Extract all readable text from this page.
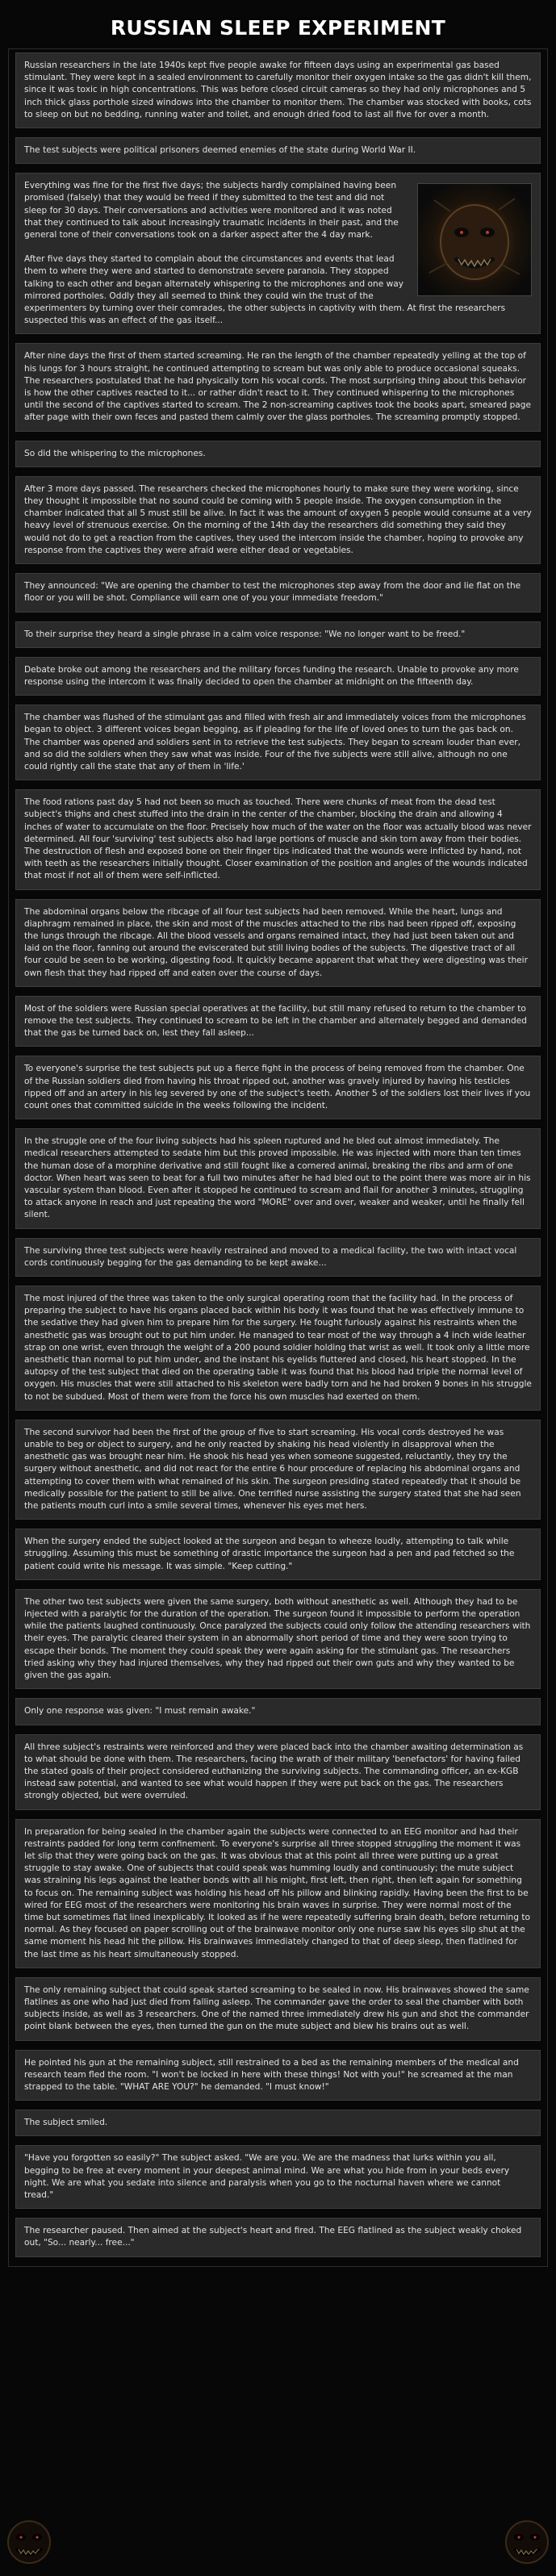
RUSSIAN SLEEP EXPERIMENT

Russian researchers in the late 1940s kept five people awake for fifteen days using an experimental gas based stimulant. They were kept in a sealed environment to carefully monitor their oxygen intake so the gas didn't kill them, since it was toxic in high concentrations. This was before closed circuit cameras so they had only microphones and 5 inch thick glass porthole sized windows into the chamber to monitor them. The chamber was stocked with books, cots to sleep on but no bedding, running water and toilet, and enough dried food to last all five for over a month.

The test subjects were political prisoners deemed enemies of the state during World War II.

Everything was fine for the first five days; the subjects hardly complained having been promised (falsely) that they would be freed if they submitted to the test and did not sleep for 30 days. Their conversations and activities were monitored and it was noted that they continued to talk about increasingly traumatic incidents in their past, and the general tone of their conversations took on a darker aspect after the 4 day mark.

After five days they started to complain about the circumstances and events that lead them to where they were and started to demonstrate severe paranoia. They stopped talking to each other and began alternately whispering to the microphones and one way mirrored portholes. Oddly they all seemed to think they could win the trust of the experimenters by turning over their comrades, the other subjects in captivity with them. At first the researchers suspected this was an effect of the gas itself...

After nine days the first of them started screaming. He ran the length of the chamber repeatedly yelling at the top of his lungs for 3 hours straight, he continued attempting to scream but was only able to produce occasional squeaks. The researchers postulated that he had physically torn his vocal cords. The most surprising thing about this behavior is how the other captives reacted to it... or rather didn't react to it. They continued whispering to the microphones until the second of the captives started to scream. The 2 non-screaming captives took the books apart, smeared page after page with their own feces and pasted them calmly over the glass portholes. The screaming promptly stopped.

So did the whispering to the microphones.

After 3 more days passed. The researchers checked the microphones hourly to make sure they were working, since they thought it impossible that no sound could be coming with 5 people inside. The oxygen consumption in the chamber indicated that all 5 must still be alive. In fact it was the amount of oxygen 5 people would consume at a very heavy level of strenuous exercise. On the morning of the 14th day the researchers did something they said they would not do to get a reaction from the captives, they used the intercom inside the chamber, hoping to provoke any response from the captives they were afraid were either dead or vegetables.

They announced: "We are opening the chamber to test the microphones step away from the door and lie flat on the floor or you will be shot. Compliance will earn one of you your immediate freedom."

To their surprise they heard a single phrase in a calm voice response: "We no longer want to be freed."

Debate broke out among the researchers and the military forces funding the research. Unable to provoke any more response using the intercom it was finally decided to open the chamber at midnight on the fifteenth day.

The chamber was flushed of the stimulant gas and filled with fresh air and immediately voices from the microphones began to object. 3 different voices began begging, as if pleading for the life of loved ones to turn the gas back on. The chamber was opened and soldiers sent in to retrieve the test subjects. They began to scream louder than ever, and so did the soldiers when they saw what was inside. Four of the five subjects were still alive, although no one could rightly call the state that any of them in 'life.'

The food rations past day 5 had not been so much as touched. There were chunks of meat from the dead test subject's thighs and chest stuffed into the drain in the center of the chamber, blocking the drain and allowing 4 inches of water to accumulate on the floor. Precisely how much of the water on the floor was actually blood was never determined. All four 'surviving' test subjects also had large portions of muscle and skin torn away from their bodies. The destruction of flesh and exposed bone on their finger tips indicated that the wounds were inflicted by hand, not with teeth as the researchers initially thought. Closer examination of the position and angles of the wounds indicated that most if not all of them were self-inflicted.

The abdominal organs below the ribcage of all four test subjects had been removed. While the heart, lungs and diaphragm remained in place, the skin and most of the muscles attached to the ribs had been ripped off, exposing the lungs through the ribcage. All the blood vessels and organs remained intact, they had just been taken out and laid on the floor, fanning out around the eviscerated but still living bodies of the subjects. The digestive tract of all four could be seen to be working, digesting food. It quickly became apparent that what they were digesting was their own flesh that they had ripped off and eaten over the course of days.

Most of the soldiers were Russian special operatives at the facility, but still many refused to return to the chamber to remove the test subjects. They continued to scream to be left in the chamber and alternately begged and demanded that the gas be turned back on, lest they fall asleep...

To everyone's surprise the test subjects put up a fierce fight in the process of being removed from the chamber. One of the Russian soldiers died from having his throat ripped out, another was gravely injured by having his testicles ripped off and an artery in his leg severed by one of the subject's teeth. Another 5 of the soldiers lost their lives if you count ones that committed suicide in the weeks following the incident.

In the struggle one of the four living subjects had his spleen ruptured and he bled out almost immediately. The medical researchers attempted to sedate him but this proved impossible. He was injected with more than ten times the human dose of a morphine derivative and still fought like a cornered animal, breaking the ribs and arm of one doctor. When heart was seen to beat for a full two minutes after he had bled out to the point there was more air in his vascular system than blood. Even after it stopped he continued to scream and flail for another 3 minutes, struggling to attack anyone in reach and just repeating the word "MORE" over and over, weaker and weaker, until he finally fell silent.

The surviving three test subjects were heavily restrained and moved to a medical facility, the two with intact vocal cords continuously begging for the gas demanding to be kept awake...

The most injured of the three was taken to the only surgical operating room that the facility had. In the process of preparing the subject to have his organs placed back within his body it was found that he was effectively immune to the sedative they had given him to prepare him for the surgery. He fought furiously against his restraints when the anesthetic gas was brought out to put him under. He managed to tear most of the way through a 4 inch wide leather strap on one wrist, even through the weight of a 200 pound soldier holding that wrist as well. It took only a little more anesthetic than normal to put him under, and the instant his eyelids fluttered and closed, his heart stopped. In the autopsy of the test subject that died on the operating table it was found that his blood had triple the normal level of oxygen. His muscles that were still attached to his skeleton were badly torn and he had broken 9 bones in his struggle to not be subdued. Most of them were from the force his own muscles had exerted on them.

The second survivor had been the first of the group of five to start screaming. His vocal cords destroyed he was unable to beg or object to surgery, and he only reacted by shaking his head violently in disapproval when the anesthetic gas was brought near him. He shook his head yes when someone suggested, reluctantly, they try the surgery without anesthetic, and did not react for the entire 6 hour procedure of replacing his abdominal organs and attempting to cover them with what remained of his skin. The surgeon presiding stated repeatedly that it should be medically possible for the patient to still be alive. One terrified nurse assisting the surgery stated that she had seen the patients mouth curl into a smile several times, whenever his eyes met hers.

When the surgery ended the subject looked at the surgeon and began to wheeze loudly, attempting to talk while struggling. Assuming this must be something of drastic importance the surgeon had a pen and pad fetched so the patient could write his message. It was simple. "Keep cutting."

The other two test subjects were given the same surgery, both without anesthetic as well. Although they had to be injected with a paralytic for the duration of the operation. The surgeon found it impossible to perform the operation while the patients laughed continuously. Once paralyzed the subjects could only follow the attending researchers with their eyes. The paralytic cleared their system in an abnormally short period of time and they were soon trying to escape their bonds. The moment they could speak they were again asking for the stimulant gas. The researchers tried asking why they had injured themselves, why they had ripped out their own guts and why they wanted to be given the gas again.

Only one response was given: "I must remain awake."

All three subject's restraints were reinforced and they were placed back into the chamber awaiting determination as to what should be done with them. The researchers, facing the wrath of their military 'benefactors' for having failed the stated goals of their project considered euthanizing the surviving subjects. The commanding officer, an ex-KGB instead saw potential, and wanted to see what would happen if they were put back on the gas. The researchers strongly objected, but were overruled.

In preparation for being sealed in the chamber again the subjects were connected to an EEG monitor and had their restraints padded for long term confinement. To everyone's surprise all three stopped struggling the moment it was let slip that they were going back on the gas. It was obvious that at this point all three were putting up a great struggle to stay awake. One of subjects that could speak was humming loudly and continuously; the mute subject was straining his legs against the leather bonds with all his might, first left, then right, then left again for something to focus on. The remaining subject was holding his head off his pillow and blinking rapidly. Having been the first to be wired for EEG most of the researchers were monitoring his brain waves in surprise. They were normal most of the time but sometimes flat lined inexplicably. It looked as if he were repeatedly suffering brain death, before returning to normal. As they focused on paper scrolling out of the brainwave monitor only one nurse saw his eyes slip shut at the same moment his head hit the pillow. His brainwaves immediately changed to that of deep sleep, then flatlined for the last time as his heart simultaneously stopped.

The only remaining subject that could speak started screaming to be sealed in now. His brainwaves showed the same flatlines as one who had just died from falling asleep. The commander gave the order to seal the chamber with both subjects inside, as well as 3 researchers. One of the named three immediately drew his gun and shot the commander point blank between the eyes, then turned the gun on the mute subject and blew his brains out as well.

He pointed his gun at the remaining subject, still restrained to a bed as the remaining members of the medical and research team fled the room. "I won't be locked in here with these things! Not with you!" he screamed at the man strapped to the table. "WHAT ARE YOU?" he demanded. "I must know!"

The subject smiled.

"Have you forgotten so easily?" The subject asked. "We are you. We are the madness that lurks within you all, begging to be free at every moment in your deepest animal mind. We are what you hide from in your beds every night. We are what you sedate into silence and paralysis when you go to the nocturnal haven where we cannot tread."

The researcher paused. Then aimed at the subject's heart and fired. The EEG flatlined as the subject weakly choked out, "So... nearly... free..."
